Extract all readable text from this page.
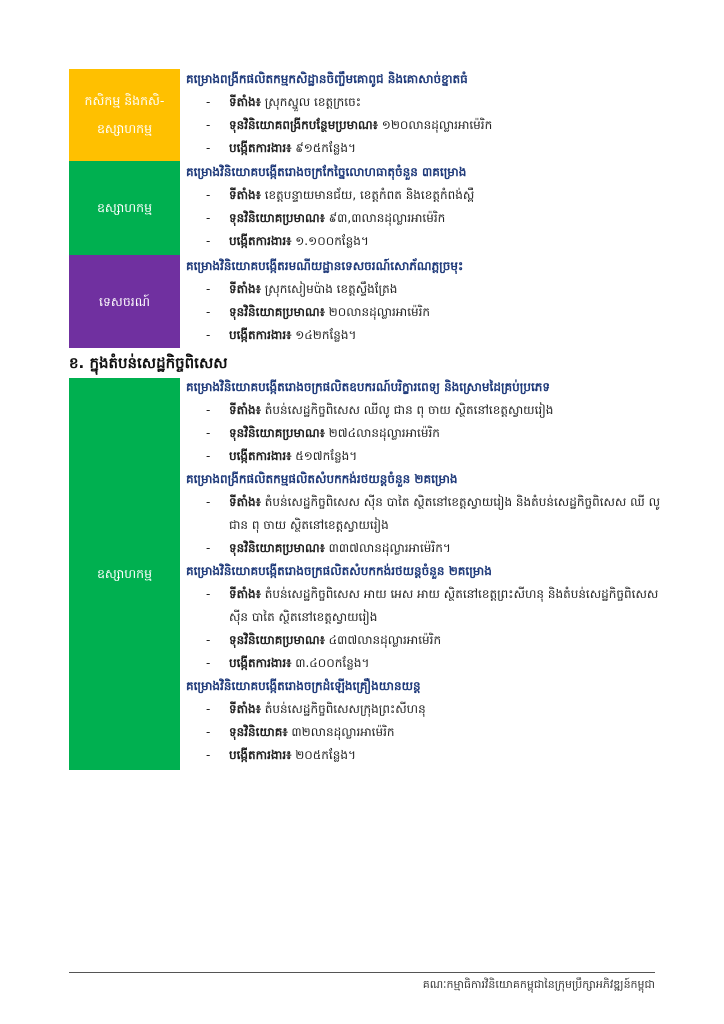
កសិកម្ម និងកសិ-ឧស្សាហកម្ម
ឧស្សាហកម្ម
ទេសចរណ៍
ខ. ក្នុងតំបន់សេដ្ឋកិច្ចពិសេស
ឧស្សាហកម្ម
គម្រោងពង្រីកផលិតកម្មកសិដ្ឋានចិញ្ចឹមគោពូជ និងគោសាច់ខ្នាតធំ
- ទីតាំង៖ ស្រុកស្នួល ខេត្តក្រចេះ
- ទុនវិនិយោគពង្រីកបន្ថែមប្រមាណ៖ ១២០លានដុល្លារអាម៉េរិក
- បង្កើតការងារ៖ ៩១៥កន្លែង។
គម្រោងវិនិយោគបង្កើតរោងចក្រកែច្នៃលោហធាតុចំនួន ៣គម្រោង
- ទីតាំង៖ ខេត្តបន្ទាយមានជ័យ, ខេត្តកំពត និងខេត្តកំពង់ស្ពឺ
- ទុនវិនិយោគប្រមាណ៖ ៩៣,៣លានដុល្លារអាម៉េរិក
- បង្កើតការងារ៖ ១.១០០កន្លែង។
គម្រោងវិនិយោគបង្កើតរមណីយដ្ឋានទេសចរណ៍សោភ័ណភ្ពច្រមុះ
- ទីតាំង៖ ស្រុកសៀមប៉ាង ខេត្តស្ទឹងត្រែង
- ទុនវិនិយោគប្រមាណ៖ ២០លានដុល្លារអាម៉េរិក
- បង្កើតការងារ៖ ១៤២កន្លែង។
គម្រោងវិនិយោគបង្កើតរោងចក្រផលិតឧបករណ៍បរិក្ខារពេទ្យ និងស្រោមដៃគ្រប់ប្រភេទ
- ទីតាំង៖ តំបន់សេដ្ឋកិច្ចពិសេស ឈីលូ ជាន ពុ ចាយ ស្ថិតនៅខេត្តស្វាយរៀង
- ទុនវិនិយោគប្រមាណ៖ ២៧៤លានដុល្លារអាម៉េរិក
- បង្កើតការងារ៖ ៥១៧កន្លែង។
គម្រោងពង្រីកផលិតកម្មផលិតសំបកកង់រថយន្តចំនួន ២គម្រោង
- ទីតាំង៖ តំបន់សេដ្ឋកិច្ចពិសេស ស៊ីន បាតៃ ស្ថិតនៅខេត្តស្វាយរៀង និងតំបន់សេដ្ឋកិច្ចពិសេស ឈី លូ ជាន ពុ ចាយ ស្ថិតនៅខេត្តស្វាយរៀង
- ទុនវិនិយោគប្រមាណ៖ ៣៣៧លានដុល្លារអាម៉េរិក។
គម្រោងវិនិយោគបង្កើតរោងចក្រផលិតសំបកកង់រថយន្តចំនួន ២គម្រោង
- ទីតាំង៖ តំបន់សេដ្ឋកិច្ចពិសេស អាយ អេស អាយ ស្ថិតនៅខេត្តព្រះសីហនុ និងតំបន់សេដ្ឋកិច្ចពិសេស ស៊ីន បាតៃ ស្ថិតនៅខេត្តស្វាយរៀង
- ទុនវិនិយោគប្រមាណ៖ ៤៣៧លានដុល្លារអាម៉េរិក
- បង្កើតការងារ៖ ៣.៤០០កន្លែង។
គម្រោងវិនិយោគបង្កើតរោងចក្រដំឡើងគ្រឿងយានយន្ត
- ទីតាំង៖ តំបន់សេដ្ឋកិច្ចពិសេសក្រុងព្រះសីហនុ
- ទុនវិនិយោគ៖ ៣២លានដុល្លារអាម៉េរិក
- បង្កើតការងារ៖ ២០៥កន្លែង។
គណៈកម្មាធិការវិនិយោគកម្ពុជានៃក្រុមប្រឹក្សាអភិវឌ្ឍន៍កម្ពុជា
